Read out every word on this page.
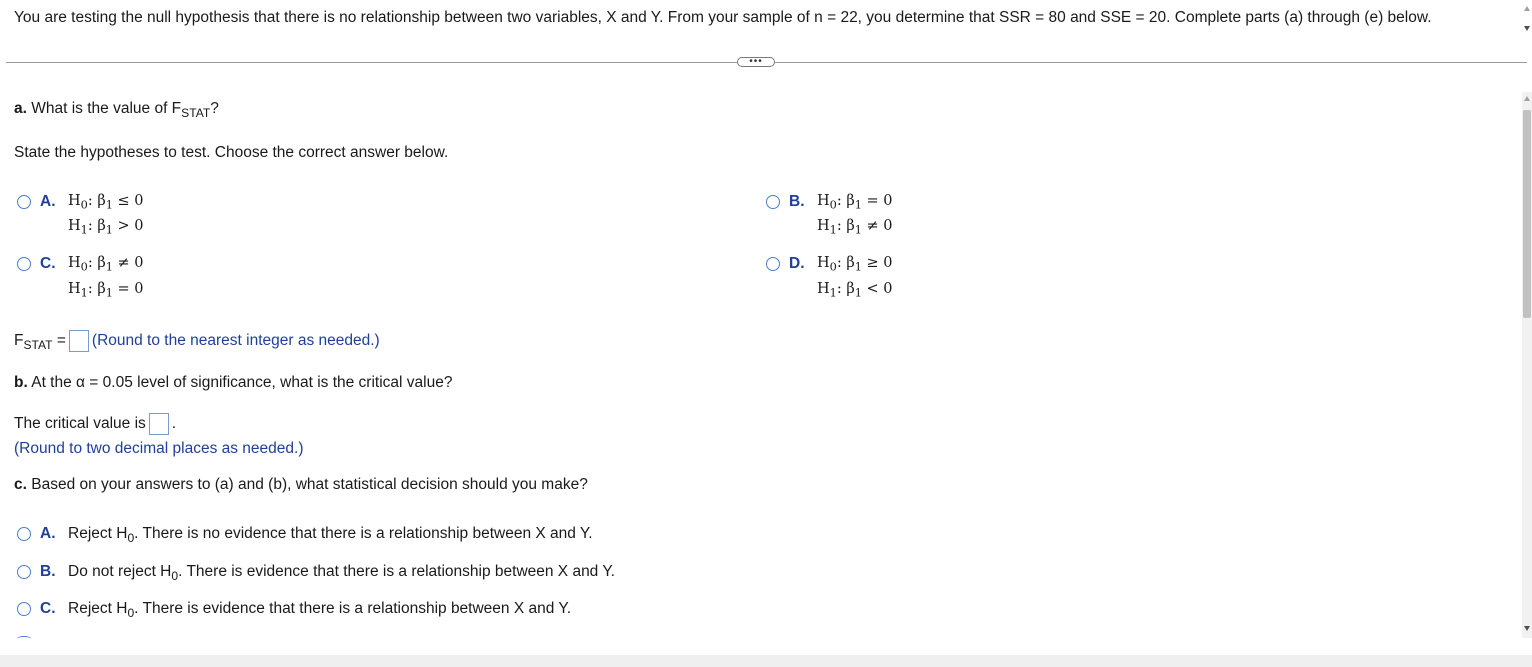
You are testing the null hypothesis that there is no relationship between two variables, X and Y. From your sample of n = 22, you determine that SSR = 80 and SSE = 20. Complete parts (a) through (e) below.
•••
a. What is the value of $F_{STAT}$?
State the hypotheses to test. Choose the correct answer below.
A. $H_0$: $\beta_1 \le 0$
$H_1$: $\beta_1 > 0$
B. $H_0$: $\beta_1 = 0$
$H_1$: $\beta_1 \ne 0$
C. $H_0$: $\beta_1 \ne 0$
$H_1$: $\beta_1 = 0$
D. $H_0$: $\beta_1 \ge 0$
$H_1$: $\beta_1 < 0$
$F_{STAT}$ = (Round to the nearest integer as needed.)
b. At the α = 0.05 level of significance, what is the critical value?
The critical value is .
(Round to two decimal places as needed.)
c. Based on your answers to (a) and (b), what statistical decision should you make?
A. Reject $H_0$. There is no evidence that there is a relationship between X and Y.
B. Do not reject $H_0$. There is evidence that there is a relationship between X and Y.
C. Reject $H_0$. There is evidence that there is a relationship between X and Y.
